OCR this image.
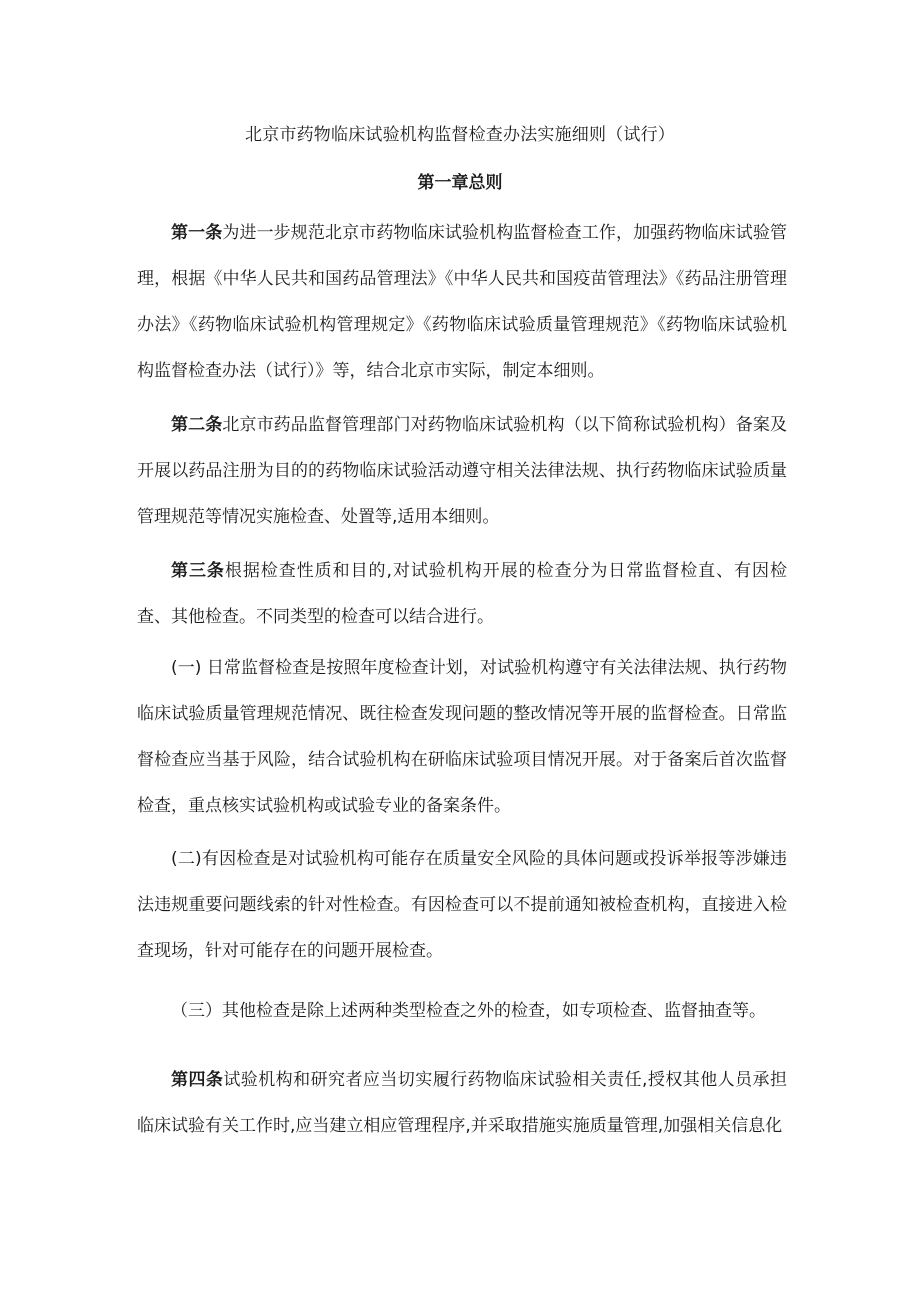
北京市药物临床试验机构监督检查办法实施细则（试行）
第一章总则

第一条为进一步规范北京市药物临床试验机构监督检查工作，加强药物临床试验管理，根据《中华人民共和国药品管理法》《中华人民共和国疫苗管理法》《药品注册管理办法》《药物临床试验机构管理规定》《药物临床试验质量管理规范》《药物临床试验机构监督检查办法（试行）》等，结合北京市实际，制定本细则。

第二条北京市药品监督管理部门对药物临床试验机构（以下简称试验机构）备案及开展以药品注册为目的的药物临床试验活动遵守相关法律法规、执行药物临床试验质量管理规范等情况实施检查、处置等,适用本细则。

第三条根据检查性质和目的,对试验机构开展的检查分为日常监督检直、有因检查、其他检查。不同类型的检查可以结合进行。

(一) 日常监督检查是按照年度检查计划，对试验机构遵守有关法律法规、执行药物临床试验质量管理规范情况、既往检查发现问题的整改情况等开展的监督检查。日常监督检查应当基于风险，结合试验机构在研临床试验项目情况开展。对于备案后首次监督检查，重点核实试验机构或试验专业的备案条件。

(二)有因检查是对试验机构可能存在质量安全风险的具体问题或投诉举报等涉嫌违法违规重要问题线索的针对性检查。有因检查可以不提前通知被检查机构，直接进入检查现场，针对可能存在的问题开展检查。

（三）其他检查是除上述两种类型检查之外的检查，如专项检查、监督抽查等。

第四条试验机构和研究者应当切实履行药物临床试验相关责任,授权其他人员承担临床试验有关工作时,应当建立相应管理程序,并采取措施实施质量管理,加强相关信息化
